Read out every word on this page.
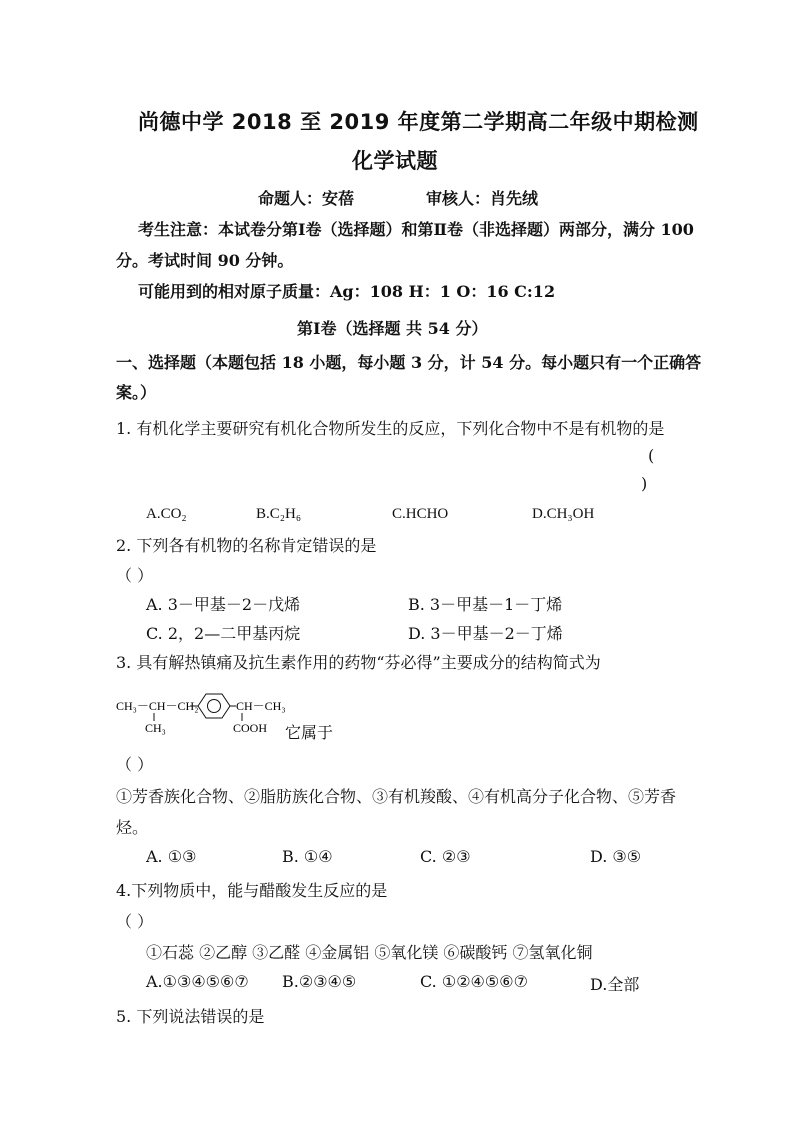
尚德中学 2018 至 2019 年度第二学期高二年级中期检测
化学试题
命题人：安蓓	审核人：肖先绒
考生注意：本试卷分第Ⅰ卷（选择题）和第Ⅱ卷（非选择题）两部分，满分 100
分。考试时间 90 分钟。
可能用到的相对原子质量：Ag：108 H：1 O：16 C:12
第Ⅰ卷（选择题 共 54 分）
一、选择题（本题包括 18 小题，每小题 3 分，计 54 分。每小题只有一个正确答
案。）
1. 有机化学主要研究有机化合物所发生的反应，下列化合物中不是有机物的是
(
)
A.CO₂	B.C₂H₆	C.HCHO	D.CH₃OH
2. 下列各有机物的名称肯定错误的是
（ ）
A. 3－甲基－2－戊烯	B. 3－甲基－1－丁烯
C. 2，2—二甲基丙烷	D. 3－甲基－2－丁烯
3. 具有解热镇痛及抗生素作用的药物“芬必得”主要成分的结构简式为
CH₃－CH－CH₂
CH₃
CH－CH₃
COOH 它属于
（ ）
①芳香族化合物、②脂肪族化合物、③有机羧酸、④有机高分子化合物、⑤芳香
烃。
A. ①③	B. ①④	C. ②③	D. ③⑤
4.下列物质中，能与醋酸发生反应的是
（ ）
①石蕊 ②乙醇 ③乙醛 ④金属铝 ⑤氧化镁 ⑥碳酸钙 ⑦氢氧化铜
A.①③④⑤⑥⑦ B.②③④⑤	C. ①②④⑤⑥⑦	D.全部
5. 下列说法错误的是
